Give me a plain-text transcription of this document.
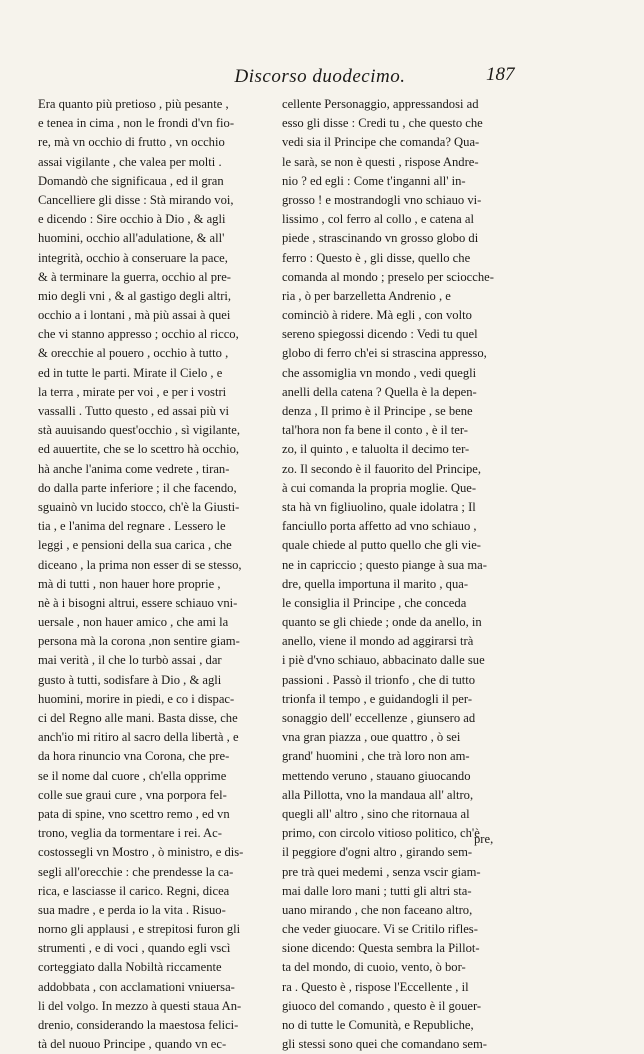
Discorso duodecimo.	187
Era quanto più pretioso , più pesante ,
e tenea in cima , non le frondi d'vn fio-
re, mà vn occhio di frutto , vn occhio
assai vigilante , che valea per molti .
Domandò che significaua , ed il gran
Cancelliere gli disse : Stà mirando voi,
e dicendo : Sire occhio à Dio , & agli
huomini, occhio all'adulatione, & all'
integrità, occhio à conseruare la pace,
& à terminare la guerra, occhio al pre-
mio degli vni , & al gastigo degli altri,
occhio a i lontani , mà più assai à quei
che vi stanno appresso ; occhio al ricco,
& orecchie al pouero , occhio à tutto ,
ed in tutte le parti. Mirate il Cielo , e
la terra , mirate per voi , e per i vostri
vassalli . Tutto questo , ed assai più vi
stà auuisando quest'occhio , sì vigilante,
ed auuertite, che se lo scettro hà occhio,
hà anche l'anima come vedrete , tiran-
do dalla parte inferiore ; il che facendo,
sguainò vn lucido stocco, ch'è la Giusti-
tia , e l'anima del regnare . Lessero le
leggi , e pensioni della sua carica , che
diceano , la prima non esser di se stesso,
mà di tutti , non hauer hore proprie ,
nè à i bisogni altrui, essere schiauo vni-
uersale , non hauer amico , che ami la
persona mà la corona ,non sentire giam-
mai verità , il che lo turbò assai , dar
gusto à tutti, sodisfare à Dio , & agli
huomini, morire in piedi, e co i dispac-
ci del Regno alle mani. Basta disse, che
anch'io mi ritiro al sacro della libertà , e
da hora rinuncio vna Corona, che pre-
se il nome dal cuore , ch'ella opprime
colle sue graui cure , vna porpora fel-
pata di spine, vno scettro remo , ed vn
trono, veglia da tormentare i rei. Ac-
costossegli vn Mostro , ò ministro, e dis-
segli all'orecchie : che prendesse la ca-
rica, e lasciasse il carico. Regni, dicea
sua madre , e perda io la vita . Risuo-
norno gli applausi , e strepitosi furon gli
strumenti , e di voci , quando egli vscì
corteggiato dalla Nobiltà riccamente
addobbata , con acclamationi vniuersa-
li del volgo. In mezzo à questi staua An-
drenio, considerando la maestosa felici-
tà del nuouo Principe , quando vn ec-
cellente Personaggio, appressandosi ad
esso gli disse : Credi tu , che questo che
vedi sia il Principe che comanda? Qua-
le sarà, se non è questi , rispose Andre-
nio ? ed egli : Come t'inganni all' in-
grosso ! e mostrandogli vno schiauo vi-
lissimo , col ferro al collo , e catena al
piede , strascinando vn grosso globo di
ferro : Questo è , gli disse, quello che
comanda al mondo ; preselo per sciocche-
ria , ò per barzelletta Andrenio , e
cominciò à ridere. Mà egli , con volto
sereno spiegossi dicendo : Vedi tu quel
globo di ferro ch'ei si strascina appresso,
che assomiglia vn mondo , vedi quegli
anelli della catena ? Quella è la depen-
denza , Il primo è il Principe , se bene
tal'hora non fa bene il conto , è il ter-
zo, il quinto , e taluolta il decimo ter-
zo. Il secondo è il fauorito del Principe,
à cui comanda la propria moglie. Que-
sta hà vn figliuolino, quale idolatra ; Il
fanciullo porta affetto ad vno schiauo ,
quale chiede al putto quello che gli vie-
ne in capriccio ; questo piange à sua ma-
dre, quella importuna il marito , qua-
le consiglia il Principe , che conceda
quanto se gli chiede ; onde da anello, in
anello, viene il mondo ad aggirarsi trà
i piè d'vno schiauo, abbacinato dalle sue
passioni . Passò il trionfo , che di tutto
trionfa il tempo , e guidandogli il per-
sonaggio dell' eccellenze , giunsero ad
vna gran piazza , oue quattro , ò sei
grand' huomini , che trà loro non am-
mettendo veruno , stauano giuocando
alla Pillotta, vno la mandaua all' altro,
quegli all' altro , sino che ritornaua al
primo, con circolo vitioso politico, ch'è
il peggiore d'ogni altro , girando sem-
pre trà quei medemi , senza vscir giam-
mai dalle loro mani ; tutti gli altri sta-
uano mirando , che non faceano altro,
che veder giuocare. Vi se Critilo rifles-
sione dicendo: Questa sembra la Pillot-
ta del mondo, di cuoio, vento, ò bor-
ra . Questo è , rispose l'Eccellente , il
giuoco del comando , questo è il gouer-
no di tutte le Comunità, e Republiche,
gli stessi sono quei che comandano sem-
pre,
